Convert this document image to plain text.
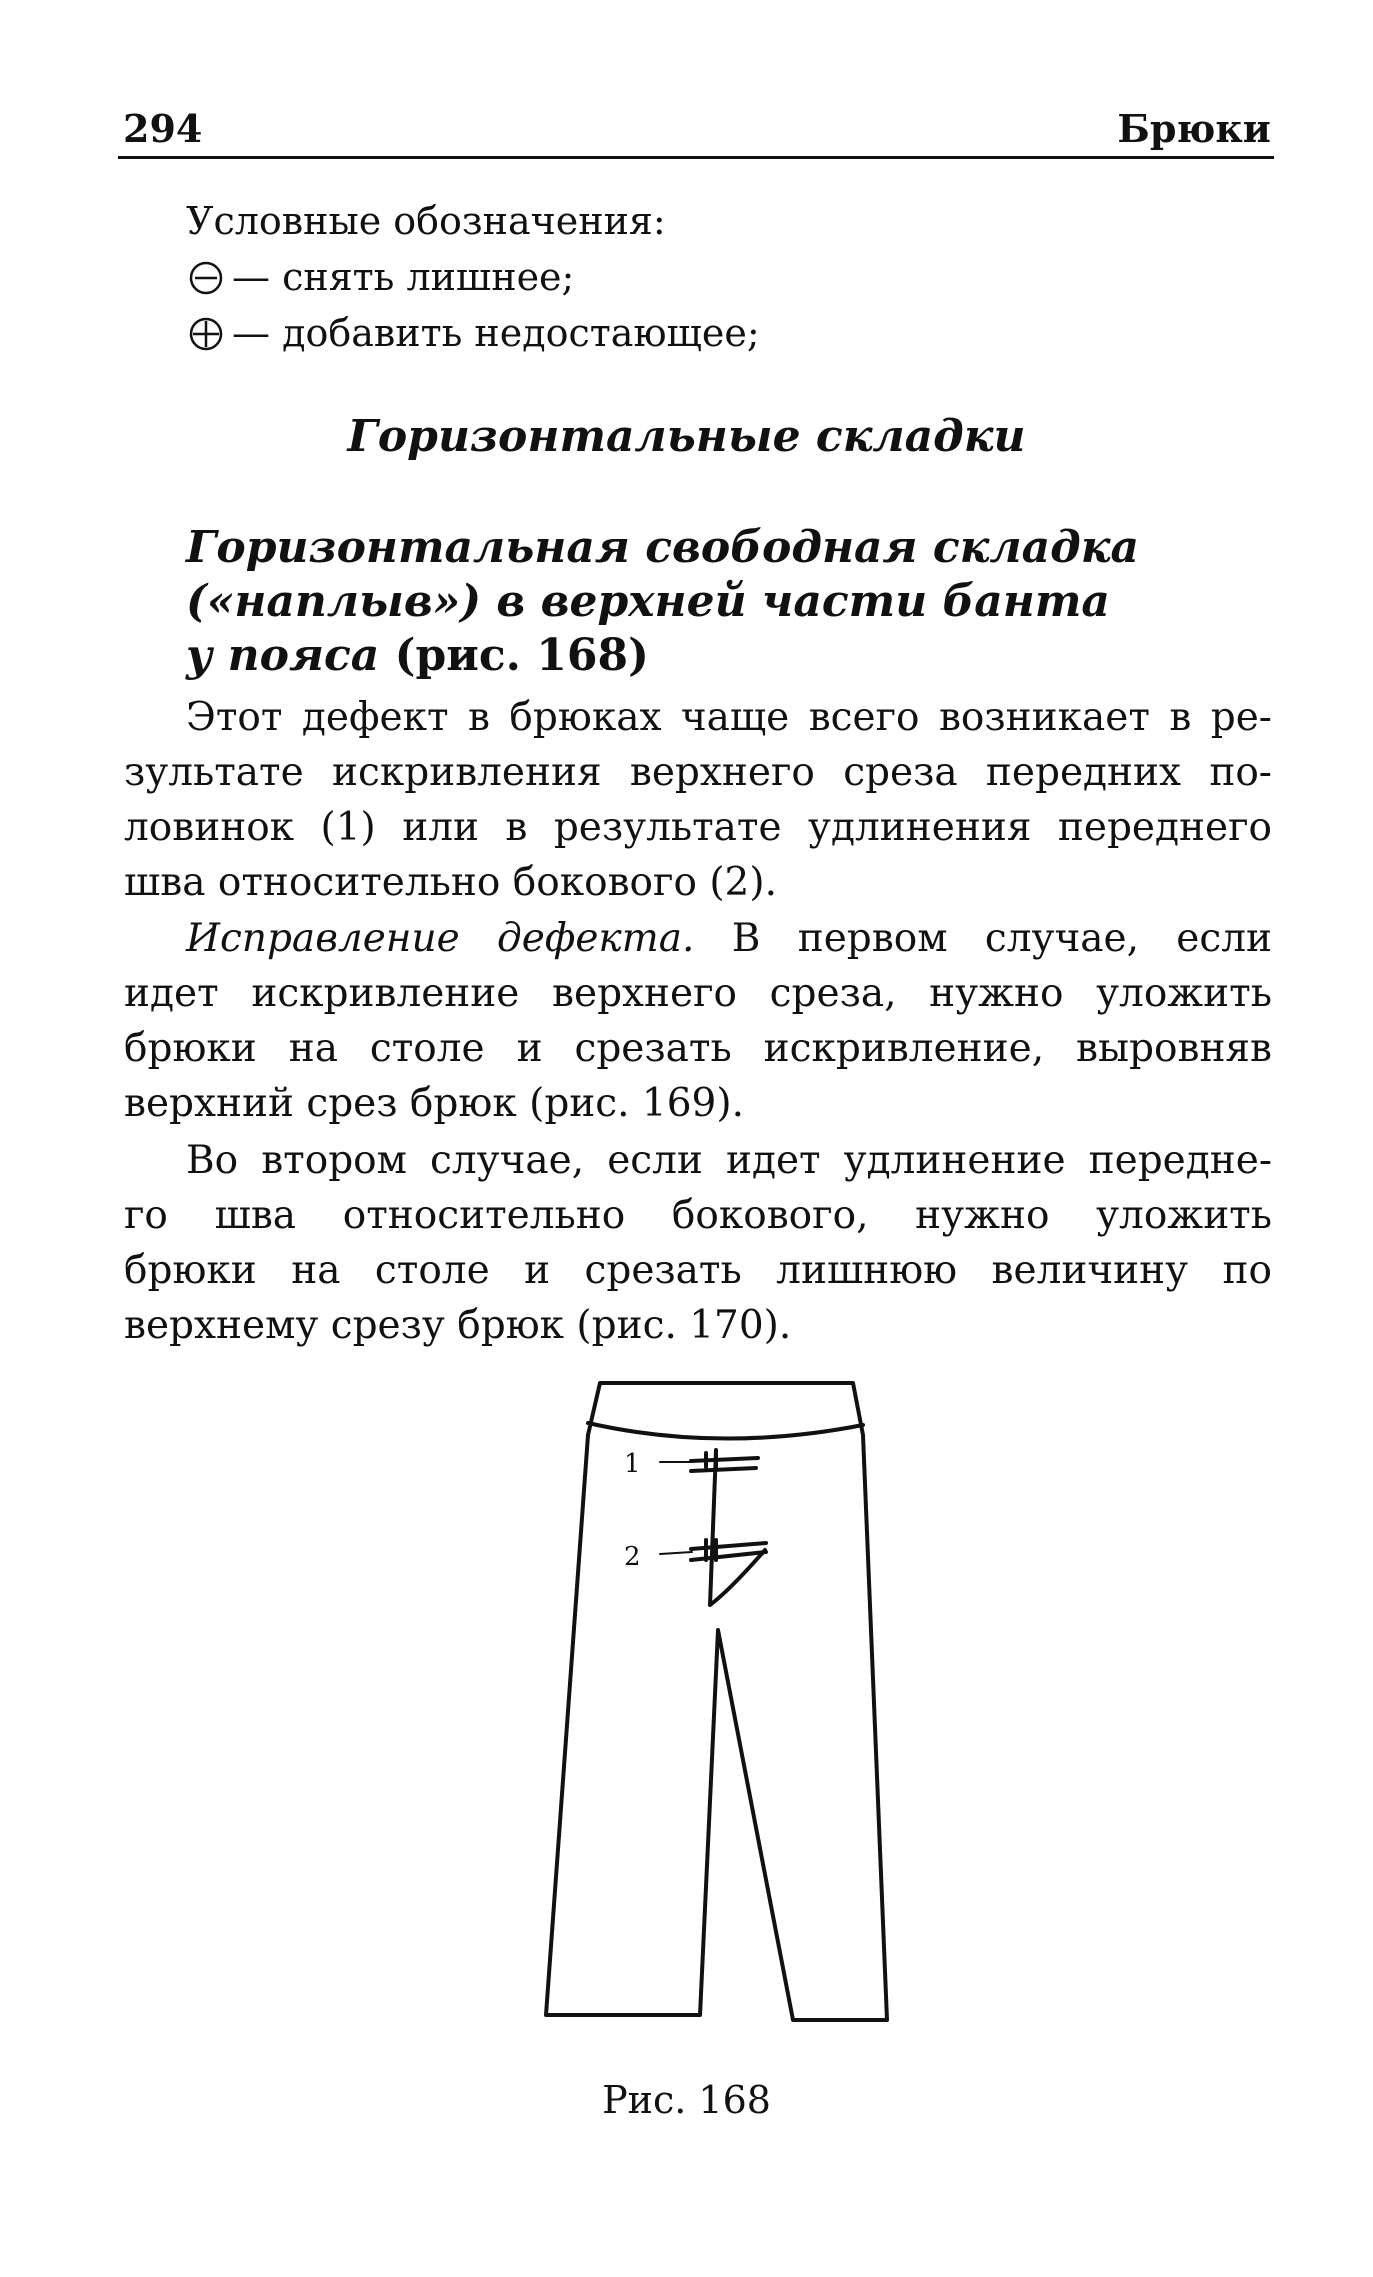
294	Брюки
Условные обозначения:
— снять лишнее;
— добавить недостающее;
Горизонтальные складки
Горизонтальная свободная складка
(«наплыв») в верхней части банта
у пояса (рис. 168)
Этот дефект в брюках чаще всего возникает в ре-
зультате искривления верхнего среза передних по-
ловинок (1) или в результате удлинения переднего
шва относительно бокового (2).
Исправление дефекта. В первом случае, если
идет искривление верхнего среза, нужно уложить
брюки на столе и срезать искривление, выровняв
верхний срез брюк (рис. 169).
Во втором случае, если идет удлинение передне-
го шва относительно бокового, нужно уложить
брюки на столе и срезать лишнюю величину по
верхнему срезу брюк (рис. 170).
1
2
Рис. 168
